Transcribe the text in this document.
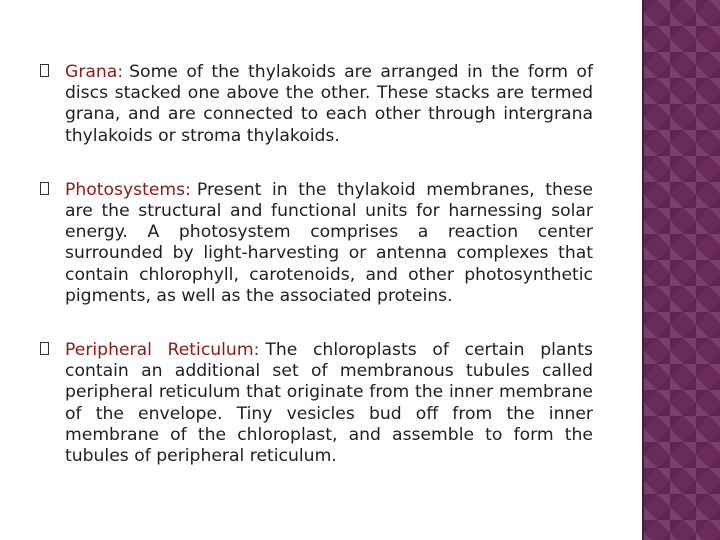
Grana: Some of the thylakoids are arranged in the form of discs stacked one above the other. These stacks are termed grana, and are connected to each other through intergrana thylakoids or stroma thylakoids.
Photosystems: Present in the thylakoid membranes, these are the structural and functional units for harnessing solar energy. A photosystem comprises a reaction center surrounded by light-harvesting or antenna complexes that contain chlorophyll, carotenoids, and other photosynthetic pigments, as well as the associated proteins.
Peripheral Reticulum: The chloroplasts of certain plants contain an additional set of membranous tubules called peripheral reticulum that originate from the inner membrane of the envelope. Tiny vesicles bud off from the inner membrane of the chloroplast, and assemble to form the tubules of peripheral reticulum.
